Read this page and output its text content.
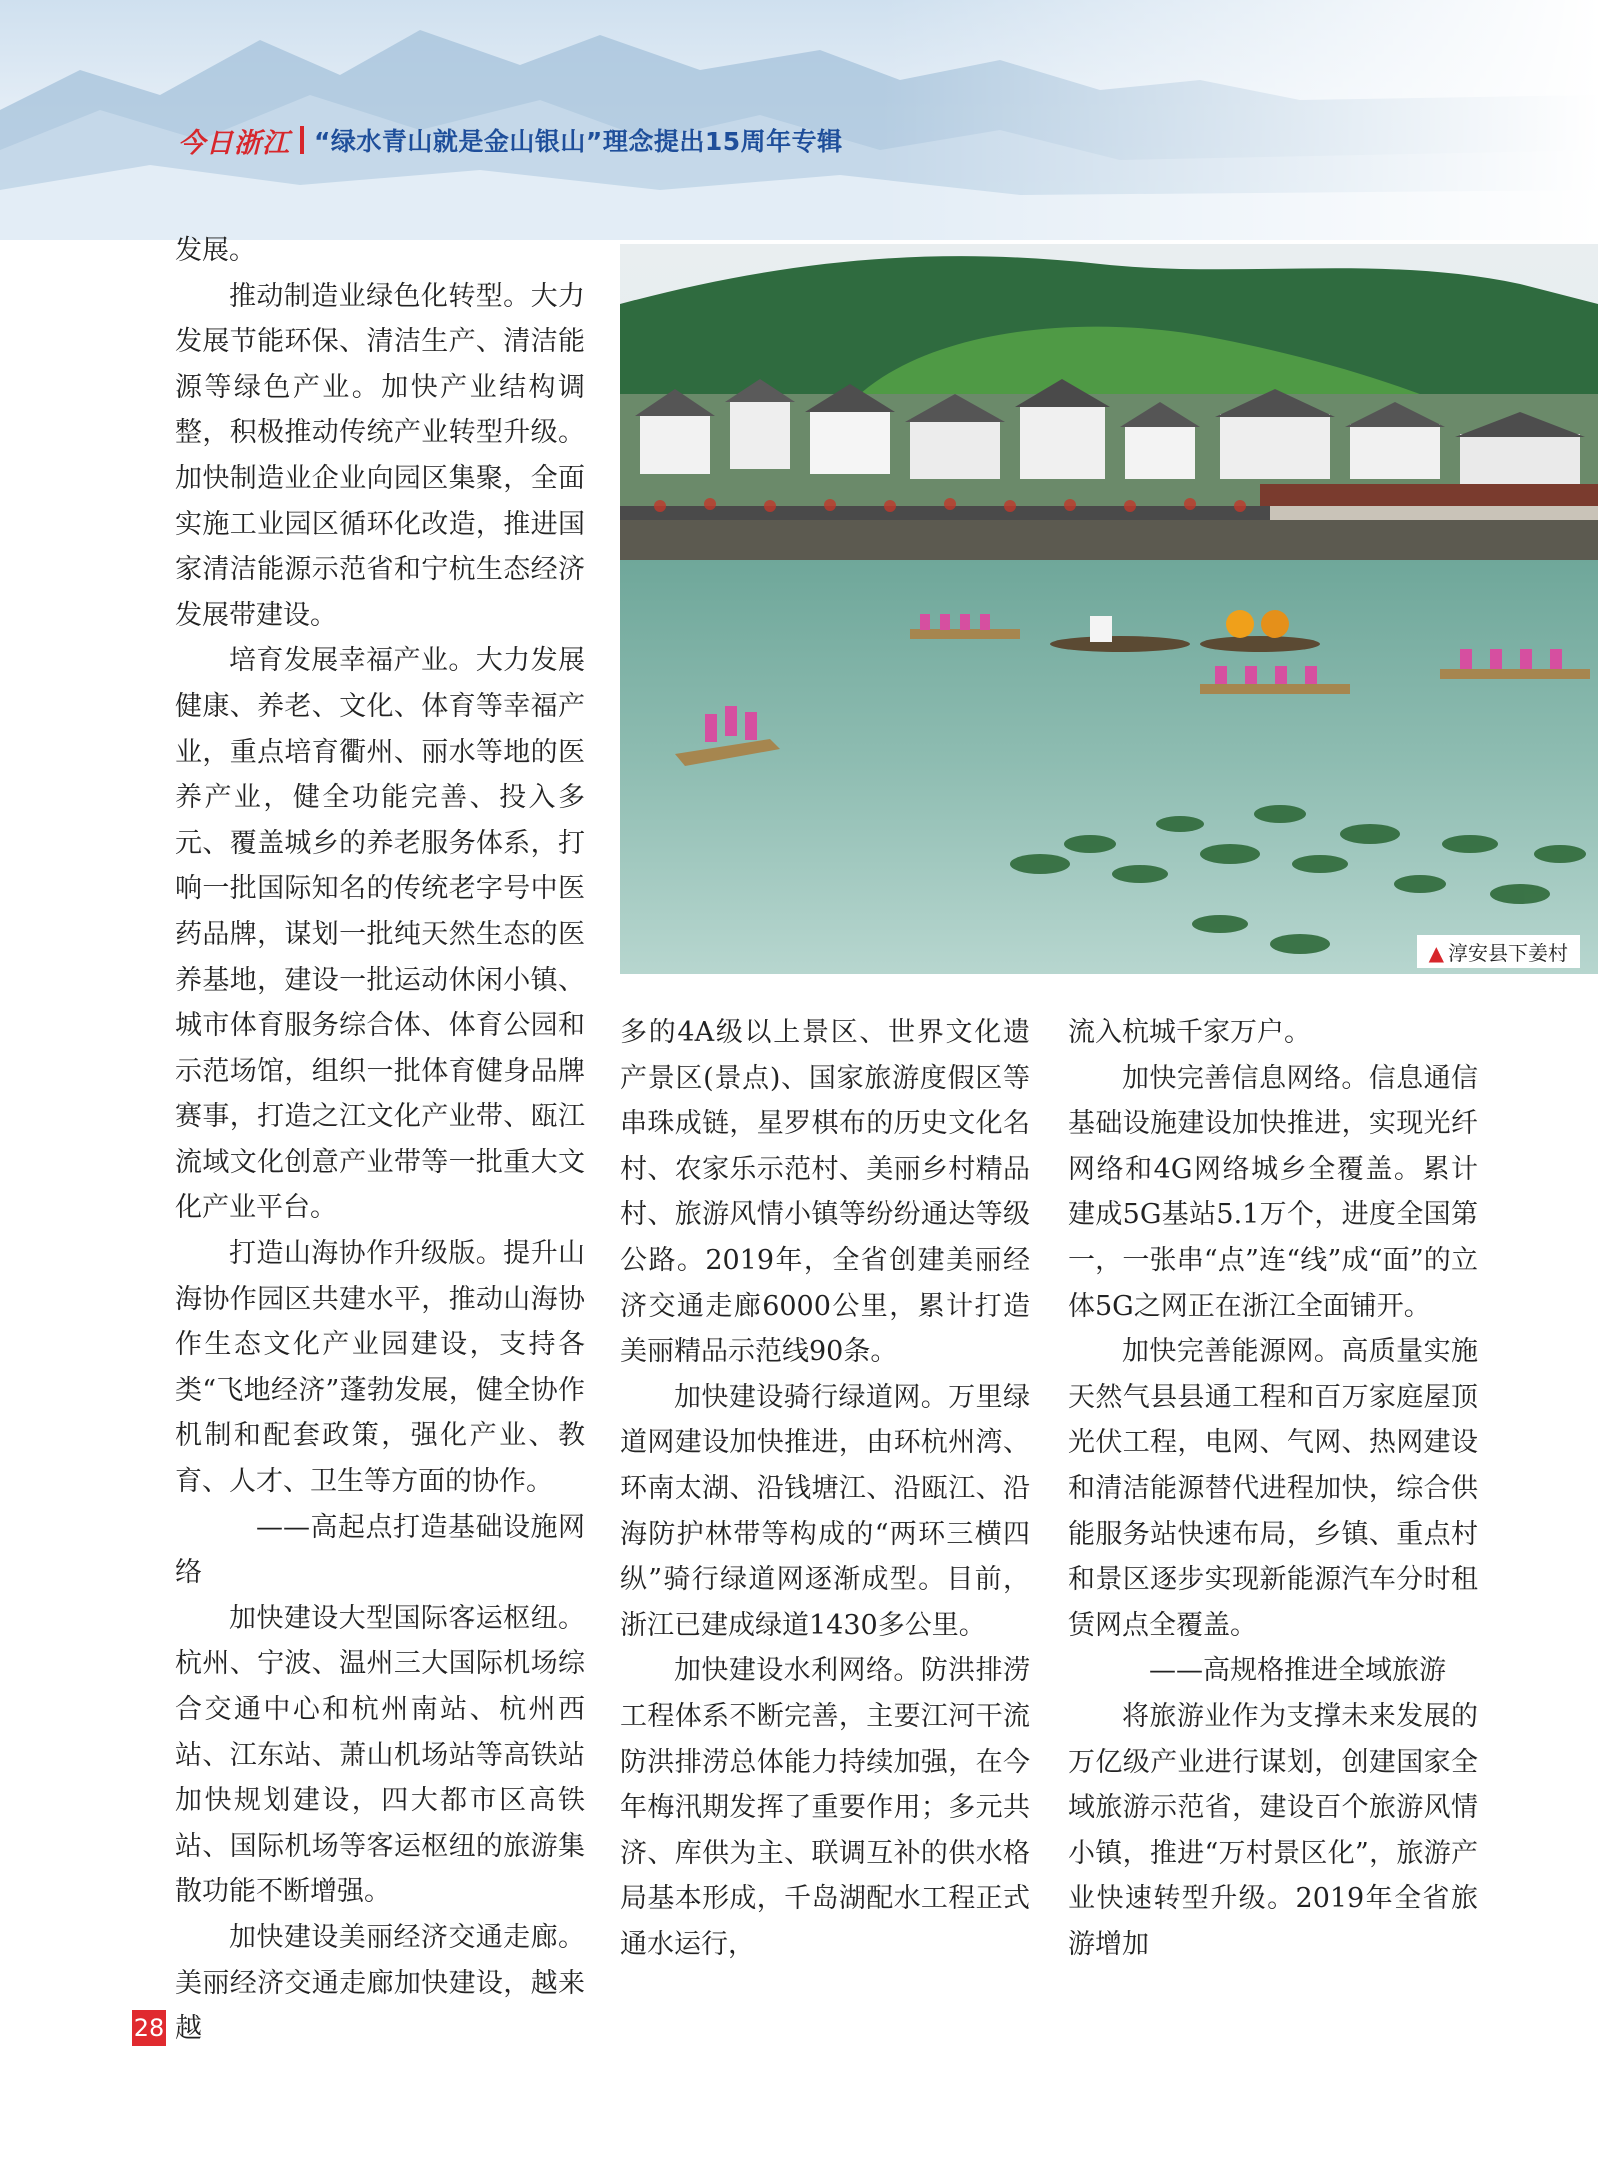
今日浙江 “绿水青山就是金山银山”理念提出15周年专辑

发展。

推动制造业绿色化转型。大力发展节能环保、清洁生产、清洁能源等绿色产业。加快产业结构调整，积极推动传统产业转型升级。加快制造业企业向园区集聚，全面实施工业园区循环化改造，推进国家清洁能源示范省和宁杭生态经济发展带建设。

培育发展幸福产业。大力发展健康、养老、文化、体育等幸福产业，重点培育衢州、丽水等地的医养产业，健全功能完善、投入多元、覆盖城乡的养老服务体系，打响一批国际知名的传统老字号中医药品牌，谋划一批纯天然生态的医养基地，建设一批运动休闲小镇、城市体育服务综合体、体育公园和示范场馆，组织一批体育健身品牌赛事，打造之江文化产业带、瓯江流域文化创意产业带等一批重大文化产业平台。

打造山海协作升级版。提升山海协作园区共建水平，推动山海协作生态文化产业园建设，支持各类“飞地经济”蓬勃发展，健全协作机制和配套政策，强化产业、教育、人才、卫生等方面的协作。

——高起点打造基础设施网络

加快建设大型国际客运枢纽。杭州、宁波、温州三大国际机场综合交通中心和杭州南站、杭州西站、江东站、萧山机场站等高铁站加快规划建设，四大都市区高铁站、国际机场等客运枢纽的旅游集散功能不断增强。

加快建设美丽经济交通走廊。美丽经济交通走廊加快建设，越来越

▲ 淳安县下姜村

多的4A级以上景区、世界文化遗产景区(景点)、国家旅游度假区等串珠成链，星罗棋布的历史文化名村、农家乐示范村、美丽乡村精品村、旅游风情小镇等纷纷通达等级公路。2019年，全省创建美丽经济交通走廊6000公里，累计打造美丽精品示范线90条。

加快建设骑行绿道网。万里绿道网建设加快推进，由环杭州湾、环南太湖、沿钱塘江、沿瓯江、沿海防护林带等构成的“两环三横四纵”骑行绿道网逐渐成型。目前，浙江已建成绿道1430多公里。

加快建设水利网络。防洪排涝工程体系不断完善，主要江河干流防洪排涝总体能力持续加强，在今年梅汛期发挥了重要作用；多元共济、库供为主、联调互补的供水格局基本形成，千岛湖配水工程正式通水运行，

流入杭城千家万户。

加快完善信息网络。信息通信基础设施建设加快推进，实现光纤网络和4G网络城乡全覆盖。累计建成5G基站5.1万个，进度全国第一，一张串“点”连“线”成“面”的立体5G之网正在浙江全面铺开。

加快完善能源网。高质量实施天然气县县通工程和百万家庭屋顶光伏工程，电网、气网、热网建设和清洁能源替代进程加快，综合供能服务站快速布局，乡镇、重点村和景区逐步实现新能源汽车分时租赁网点全覆盖。

——高规格推进全域旅游

将旅游业作为支撑未来发展的万亿级产业进行谋划，创建国家全域旅游示范省，建设百个旅游风情小镇，推进“万村景区化”，旅游产业快速转型升级。2019年全省旅游增加

28
